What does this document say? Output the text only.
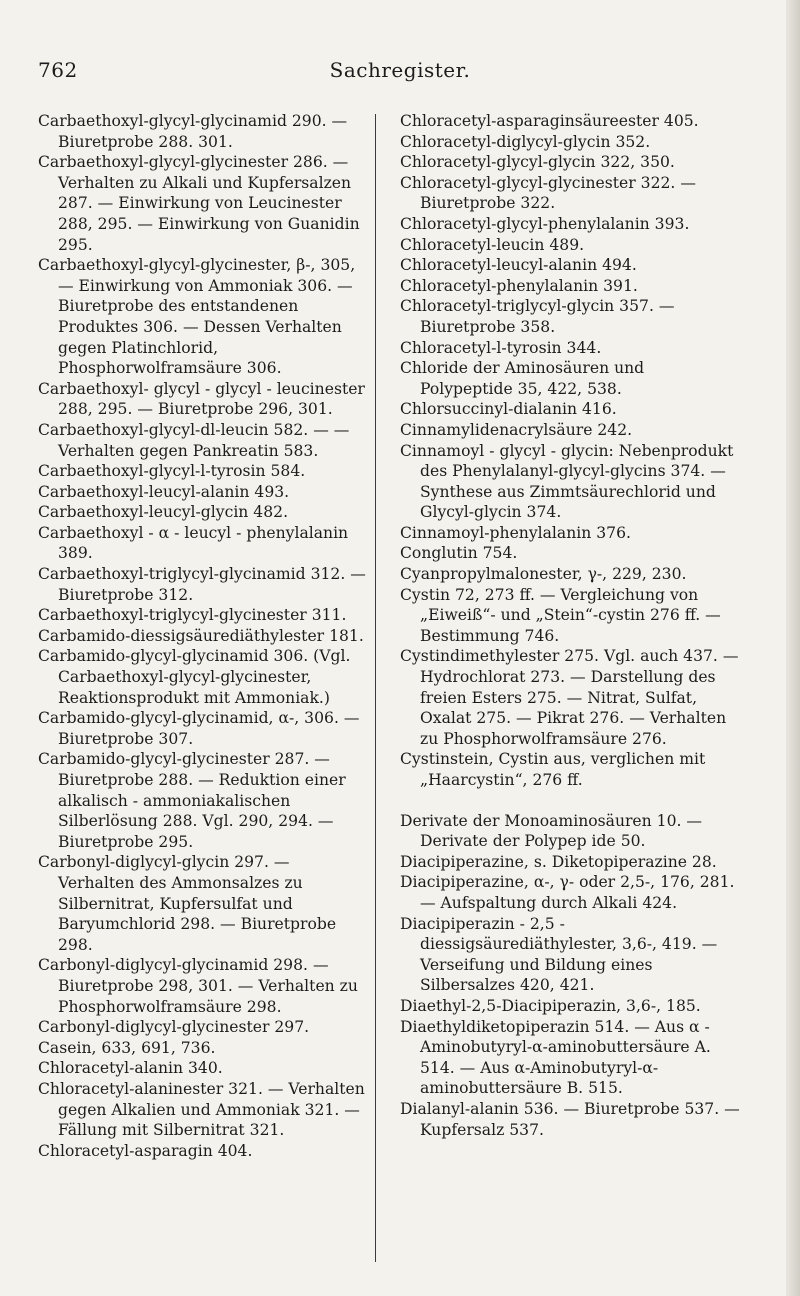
762	Sachregister.

Carbaethoxyl-glycyl-glycinamid 290. — Biuretprobe 288. 301.

Carbaethoxyl-glycyl-glycinester 286. — Verhalten zu Alkali und Kupfersalzen 287. — Einwirkung von Leucinester 288, 295. — Einwirkung von Guanidin 295.

Carbaethoxyl-glycyl-glycinester, β-, 305, — Einwirkung von Ammoniak 306. — Biuretprobe des entstandenen Produktes 306. — Dessen Verhalten gegen Platinchlorid, Phosphorwolframsäure 306.

Carbaethoxyl- glycyl - glycyl - leucinester 288, 295. — Biuretprobe 296, 301.

Carbaethoxyl-glycyl-dl-leucin 582. — — Verhalten gegen Pankreatin 583.

Carbaethoxyl-glycyl-l-tyrosin 584.

Carbaethoxyl-leucyl-alanin 493.

Carbaethoxyl-leucyl-glycin 482.

Carbaethoxyl - α - leucyl - phenylalanin 389.

Carbaethoxyl-triglycyl-glycinamid 312. — Biuretprobe 312.

Carbaethoxyl-triglycyl-glycinester 311.

Carbamido-diessigsäurediäthylester 181.

Carbamido-glycyl-glycinamid 306. (Vgl. Carbaethoxyl-glycyl-glycinester, Reaktionsprodukt mit Ammoniak.)

Carbamido-glycyl-glycinamid, α-, 306. — Biuretprobe 307.

Carbamido-glycyl-glycinester 287. — Biuretprobe 288. — Reduktion einer alkalisch - ammoniakalischen Silberlösung 288. Vgl. 290, 294. — Biuretprobe 295.

Carbonyl-diglycyl-glycin 297. — Verhalten des Ammonsalzes zu Silbernitrat, Kupfersulfat und Baryumchlorid 298. — Biuretprobe 298.

Carbonyl-diglycyl-glycinamid 298. — Biuretprobe 298, 301. — Verhalten zu Phosphorwolframsäure 298.

Carbonyl-diglycyl-glycinester 297.

Casein, 633, 691, 736.

Chloracetyl-alanin 340.

Chloracetyl-alaninester 321. — Verhalten gegen Alkalien und Ammoniak 321. — Fällung mit Silbernitrat 321.

Chloracetyl-asparagin 404.

Chloracetyl-asparaginsäureester 405.

Chloracetyl-diglycyl-glycin 352.

Chloracetyl-glycyl-glycin 322, 350.

Chloracetyl-glycyl-glycinester 322. — Biuretprobe 322.

Chloracetyl-glycyl-phenylalanin 393.

Chloracetyl-leucin 489.

Chloracetyl-leucyl-alanin 494.

Chloracetyl-phenylalanin 391.

Chloracetyl-triglycyl-glycin 357. — Biuretprobe 358.

Chloracetyl-l-tyrosin 344.

Chloride der Aminosäuren und Polypeptide 35, 422, 538.

Chlorsuccinyl-dialanin 416.

Cinnamylidenacrylsäure 242.

Cinnamoyl - glycyl - glycin: Nebenprodukt des Phenylalanyl-glycyl-glycins 374. — Synthese aus Zimmtsäurechlorid und Glycyl-glycin 374.

Cinnamoyl-phenylalanin 376.

Conglutin 754.

Cyanpropylmalonester, γ-, 229, 230.

Cystin 72, 273 ff. — Vergleichung von „Eiweiß“- und „Stein“-cystin 276 ff. — Bestimmung 746.

Cystindimethylester 275. Vgl. auch 437. — Hydrochlorat 273. — Darstellung des freien Esters 275. — Nitrat, Sulfat, Oxalat 275. — Pikrat 276. — Verhalten zu Phosphorwolframsäure 276.

Cystinstein, Cystin aus, verglichen mit „Haarcystin“, 276 ff.

Derivate der Monoaminosäuren 10. — Derivate der Polypep ide 50.

Diacipiperazine, s. Diketopiperazine 28.

Diacipiperazine, α-, γ- oder 2,5-, 176, 281. — Aufspaltung durch Alkali 424.

Diacipiperazin - 2,5 - diessigsäurediäthylester, 3,6-, 419. — Verseifung und Bildung eines Silbersalzes 420, 421.

Diaethyl-2,5-Diacipiperazin, 3,6-, 185.

Diaethyldiketopiperazin 514. — Aus α - Aminobutyryl-α-aminobuttersäure A. 514. — Aus α-Aminobutyryl-α-aminobuttersäure B. 515.

Dialanyl-alanin 536. — Biuretprobe 537. — Kupfersalz 537.
